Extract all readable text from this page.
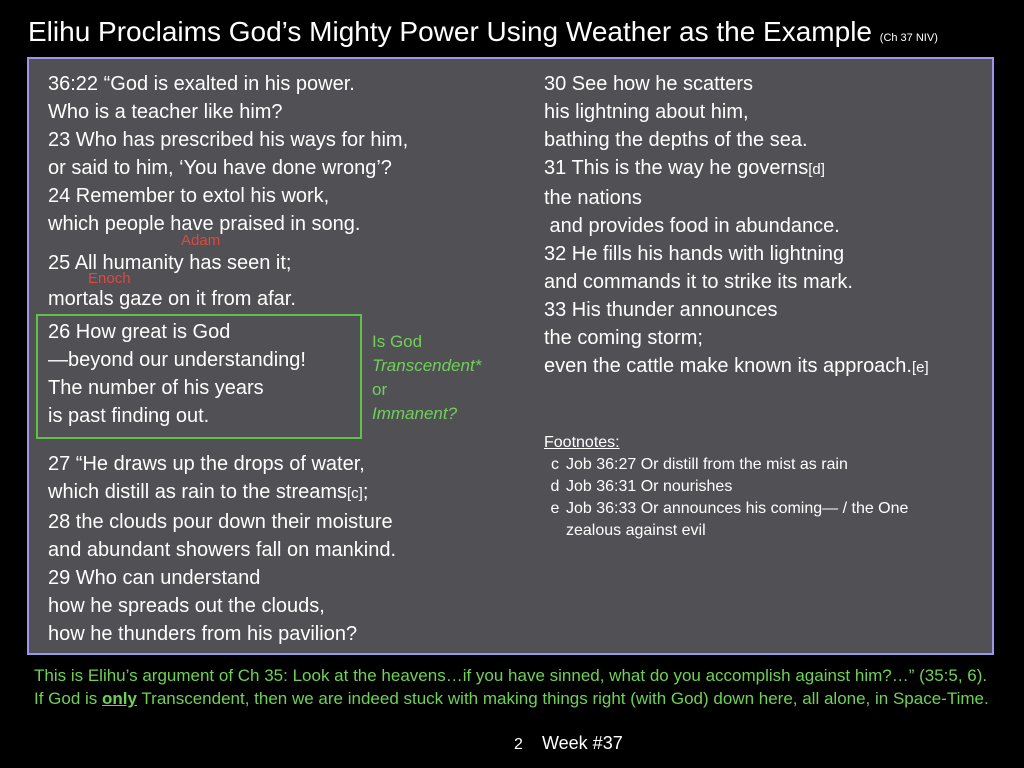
Elihu Proclaims God’s Mighty Power Using Weather as the Example (Ch 37 NIV)
36:22 “God is exalted in his power.
Who is a teacher like him?
23 Who has prescribed his ways for him,
or said to him, ‘You have done wrong’?
24 Remember to extol his work,
which people have praised in song.
Adam
Enoch
25 All humanity has seen it;
mortals gaze on it from afar.
26 How great is God
—beyond our understanding!
The number of his years
is past finding out.
Is God
Transcendent*
or
Immanent?
27 “He draws up the drops of water,
which distill as rain to the streams[c];
28 the clouds pour down their moisture
and abundant showers fall on mankind.
29 Who can understand
how he spreads out the clouds,
how he thunders from his pavilion?
30 See how he scatters
his lightning about him,
bathing the depths of the sea.
31 This is the way he governs[d]
the nations
and provides food in abundance.
32 He fills his hands with lightning
and commands it to strike its mark.
33 His thunder announces
the coming storm;
even the cattle make known its approach.[e]
Footnotes:
c Job 36:27 Or distill from the mist as rain
d Job 36:31 Or nourishes
e Job 36:33 Or announces his coming— / the One zealous against evil
This is Elihu’s argument of Ch 35: Look at the heavens…if you have sinned, what do you accomplish against him?…” (35:5, 6). If God is only Transcendent, then we are indeed stuck with making things right (with God) down here, all alone, in Space-Time.
2 Week #37
